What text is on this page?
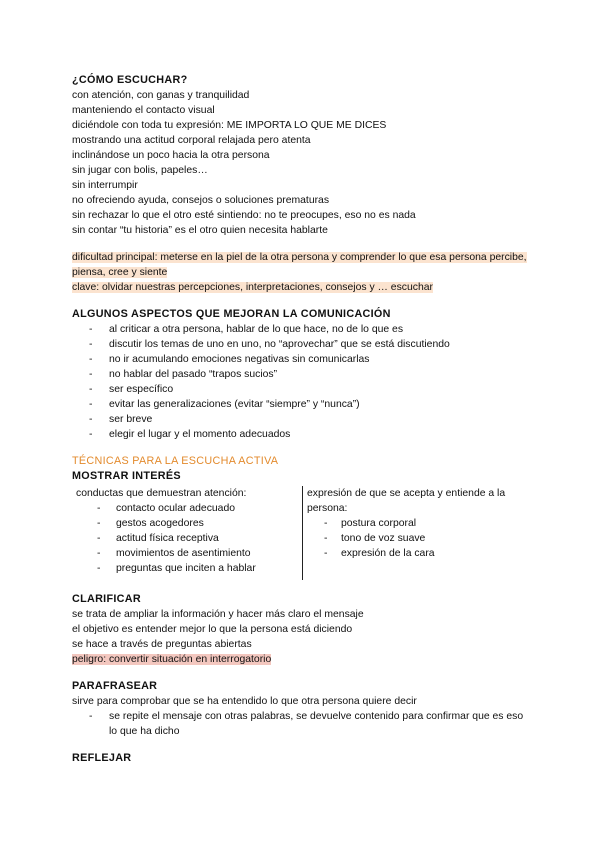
¿CÓMO ESCUCHAR?
con atención, con ganas y tranquilidad
manteniendo el contacto visual
diciéndole con toda tu expresión: ME IMPORTA LO QUE ME DICES
mostrando una actitud corporal relajada pero atenta
inclinándose un poco hacia la otra persona
sin jugar con bolis, papeles…
sin interrumpir
no ofreciendo ayuda, consejos o soluciones prematuras
sin rechazar lo que el otro esté sintiendo: no te preocupes, eso no es nada
sin contar “tu historia” es el otro quien necesita hablarte
dificultad principal: meterse en la piel de la otra persona y comprender lo que esa persona percibe, piensa, cree y siente
clave: olvidar nuestras percepciones, interpretaciones, consejos y … escuchar
ALGUNOS ASPECTOS QUE MEJORAN LA COMUNICACIÓN
- al criticar a otra persona, hablar de lo que hace, no de lo que es
- discutir los temas de uno en uno, no “aprovechar” que se está discutiendo
- no ir acumulando emociones negativas sin comunicarlas
- no hablar del pasado “trapos sucios”
- ser específico
- evitar las generalizaciones (evitar “siempre” y “nunca”)
- ser breve
- elegir el lugar y el momento adecuados
TÉCNICAS PARA LA ESCUCHA ACTIVA
MOSTRAR INTERÉS
conductas que demuestran atención:
- contacto ocular adecuado
- gestos acogedores
- actitud física receptiva
- movimientos de asentimiento
- preguntas que inciten a hablar
expresión de que se acepta y entiende a la persona:
- postura corporal
- tono de voz suave
- expresión de la cara
CLARIFICAR
se trata de ampliar la información y hacer más claro el mensaje
el objetivo es entender mejor lo que la persona está diciendo
se hace a través de preguntas abiertas
peligro: convertir situación en interrogatorio
PARAFRASEAR
sirve para comprobar que se ha entendido lo que otra persona quiere decir
- se repite el mensaje con otras palabras, se devuelve contenido para confirmar que es eso lo que ha dicho
REFLEJAR
